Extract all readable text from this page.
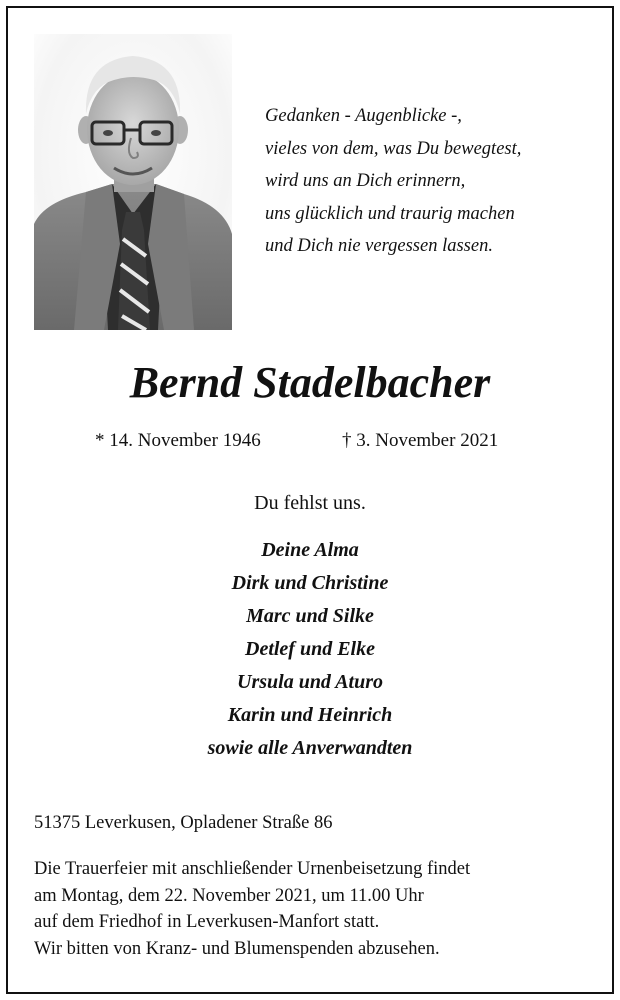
Gedanken - Augenblicke -,
vieles von dem, was Du bewegtest,
wird uns an Dich erinnern,
uns glücklich und traurig machen
und Dich nie vergessen lassen.
Bernd Stadelbacher
* 14. November 1946	† 3. November 2021
Du fehlst uns.
Deine Alma
Dirk und Christine
Marc und Silke
Detlef und Elke
Ursula und Aturo
Karin und Heinrich
sowie alle Anverwandten
51375 Leverkusen, Opladener Straße 86
Die Trauerfeier mit anschließender Urnenbeisetzung findet
am Montag, dem 22. November 2021, um 11.00 Uhr
auf dem Friedhof in Leverkusen-Manfort statt.
Wir bitten von Kranz- und Blumenspenden abzusehen.
